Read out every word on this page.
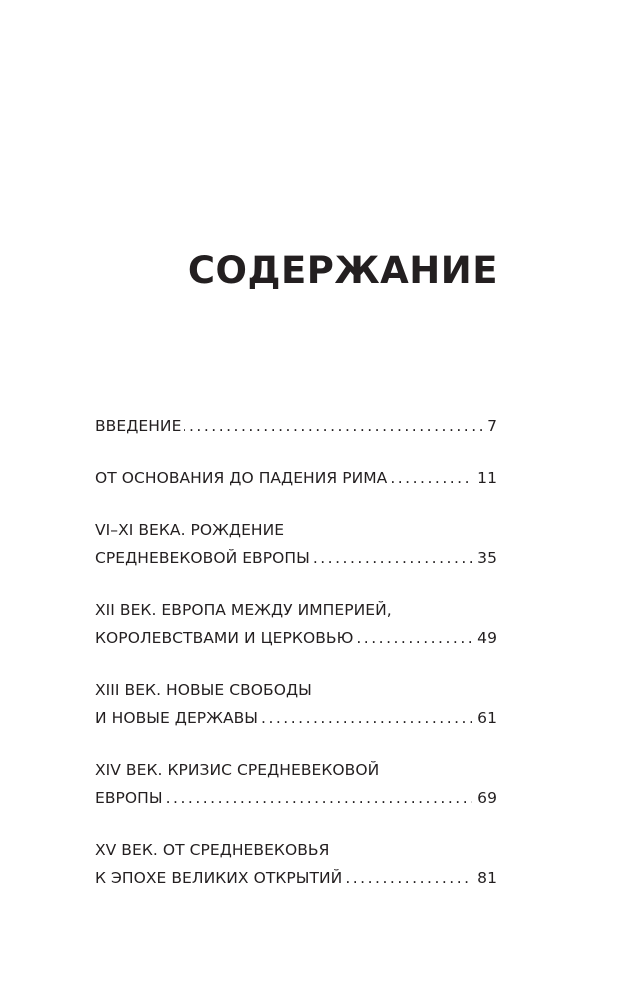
СОДЕРЖАНИЕ
ВВЕДЕНИЕ .....	7
ОТ ОСНОВАНИЯ ДО ПАДЕНИЯ РИМА .....	11
VI–XI ВЕКА. РОЖДЕНИЕ
СРЕДНЕВЕКОВОЙ ЕВРОПЫ .....	35
XII ВЕК. ЕВРОПА МЕЖДУ ИМПЕРИЕЙ,
КОРОЛЕВСТВАМИ И ЦЕРКОВЬЮ .....	49
XIII ВЕК. НОВЫЕ СВОБОДЫ
И НОВЫЕ ДЕРЖАВЫ .....	61
XIV ВЕК. КРИЗИС СРЕДНЕВЕКОВОЙ
ЕВРОПЫ .....	69
XV ВЕК. ОТ СРЕДНЕВЕКОВЬЯ
К ЭПОХЕ ВЕЛИКИХ ОТКРЫТИЙ .....	81
